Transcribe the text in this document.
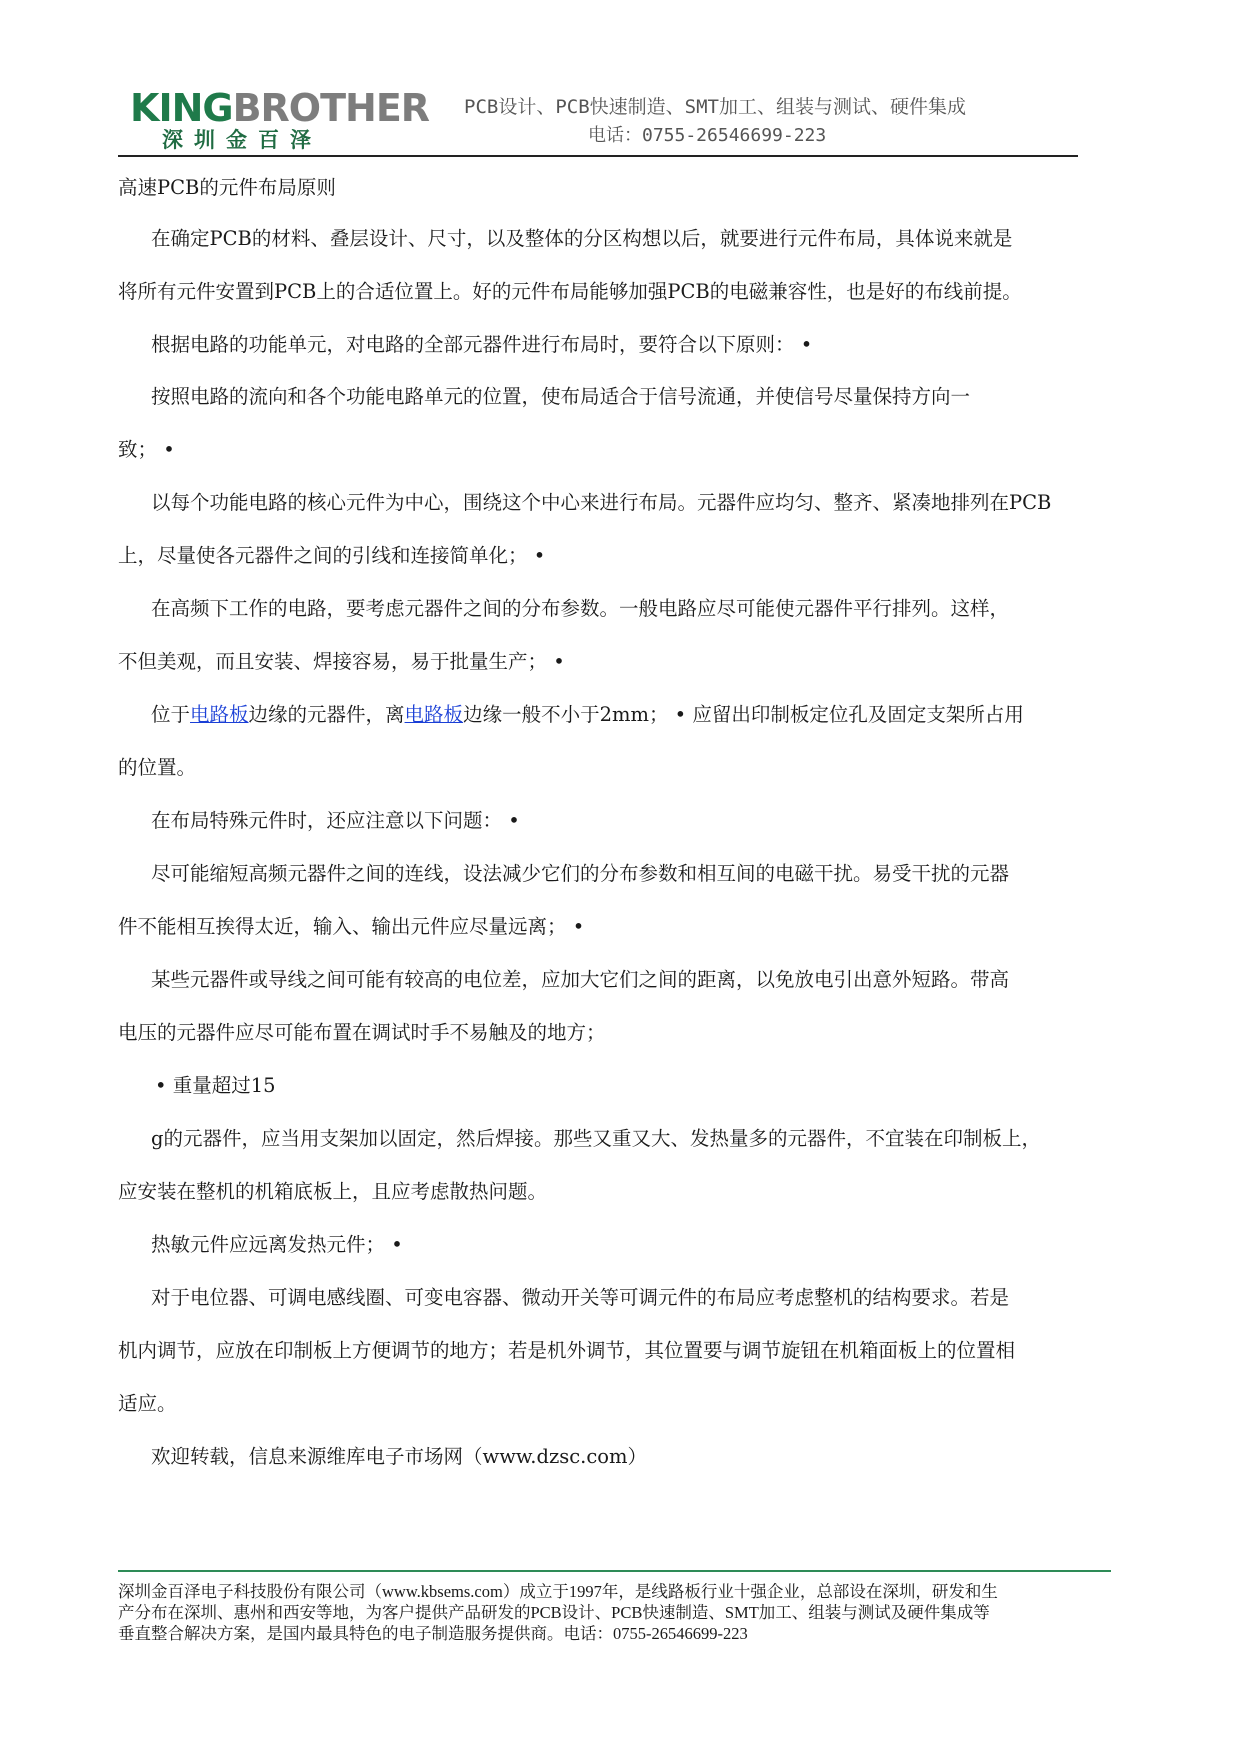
KINGBROTHER
深圳金百泽
PCB设计、PCB快速制造、SMT加工、组装与测试、硬件集成
电话：0755-26546699-223
高速PCB的元件布局原则
在确定PCB的材料、叠层设计、尺寸，以及整体的分区构想以后，就要进行元件布局，具体说来就是
将所有元件安置到PCB上的合适位置上。好的元件布局能够加强PCB的电磁兼容性，也是好的布线前提。
根据电路的功能单元，对电路的全部元器件进行布局时，要符合以下原则： •
按照电路的流向和各个功能电路单元的位置，使布局适合于信号流通，并使信号尽量保持方向一
致； •
以每个功能电路的核心元件为中心，围绕这个中心来进行布局。元器件应均匀、整齐、紧凑地排列在PCB
上，尽量使各元器件之间的引线和连接简单化； •
在高频下工作的电路，要考虑元器件之间的分布参数。一般电路应尽可能使元器件平行排列。这样，
不但美观，而且安装、焊接容易，易于批量生产； •
位于电路板边缘的元器件，离电路板边缘一般不小于2mm； • 应留出印制板定位孔及固定支架所占用
的位置。
在布局特殊元件时，还应注意以下问题： •
尽可能缩短高频元器件之间的连线，设法减少它们的分布参数和相互间的电磁干扰。易受干扰的元器
件不能相互挨得太近，输入、输出元件应尽量远离； •
某些元器件或导线之间可能有较高的电位差，应加大它们之间的距离，以免放电引出意外短路。带高
电压的元器件应尽可能布置在调试时手不易触及的地方；
• 重量超过15
g的元器件，应当用支架加以固定，然后焊接。那些又重又大、发热量多的元器件，不宜装在印制板上，
应安装在整机的机箱底板上，且应考虑散热问题。
热敏元件应远离发热元件； •
对于电位器、可调电感线圈、可变电容器、微动开关等可调元件的布局应考虑整机的结构要求。若是
机内调节，应放在印制板上方便调节的地方；若是机外调节，其位置要与调节旋钮在机箱面板上的位置相
适应。
欢迎转载，信息来源维库电子市场网（www.dzsc.com）
深圳金百泽电子科技股份有限公司（www.kbsems.com）成立于1997年，是线路板行业十强企业，总部设在深圳，研发和生
产分布在深圳、惠州和西安等地，为客户提供产品研发的PCB设计、PCB快速制造、SMT加工、组装与测试及硬件集成等
垂直整合解决方案，是国内最具特色的电子制造服务提供商。电话：0755-26546699-223
